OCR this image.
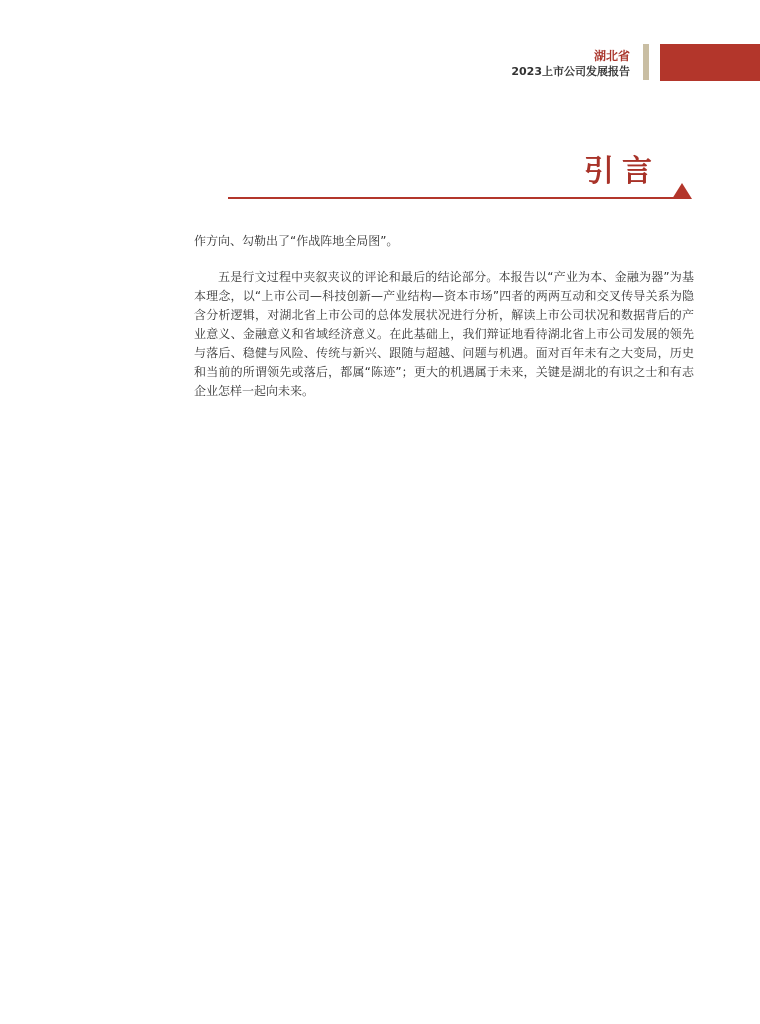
湖北省
2023上市公司发展报告
引言

作方向、勾勒出了“作战阵地全局图”。

五是行文过程中夹叙夹议的评论和最后的结论部分。本报告以“产业为本、金融为器”为基本理念，以“上市公司—科技创新—产业结构—资本市场”四者的两两互动和交叉传导关系为隐含分析逻辑，对湖北省上市公司的总体发展状况进行分析，解读上市公司状况和数据背后的产业意义、金融意义和省域经济意义。在此基础上，我们辩证地看待湖北省上市公司发展的领先与落后、稳健与风险、传统与新兴、跟随与超越、问题与机遇。面对百年未有之大变局，历史和当前的所谓领先或落后，都属“陈迹”；更大的机遇属于未来，关键是湖北的有识之士和有志企业怎样一起向未来。
